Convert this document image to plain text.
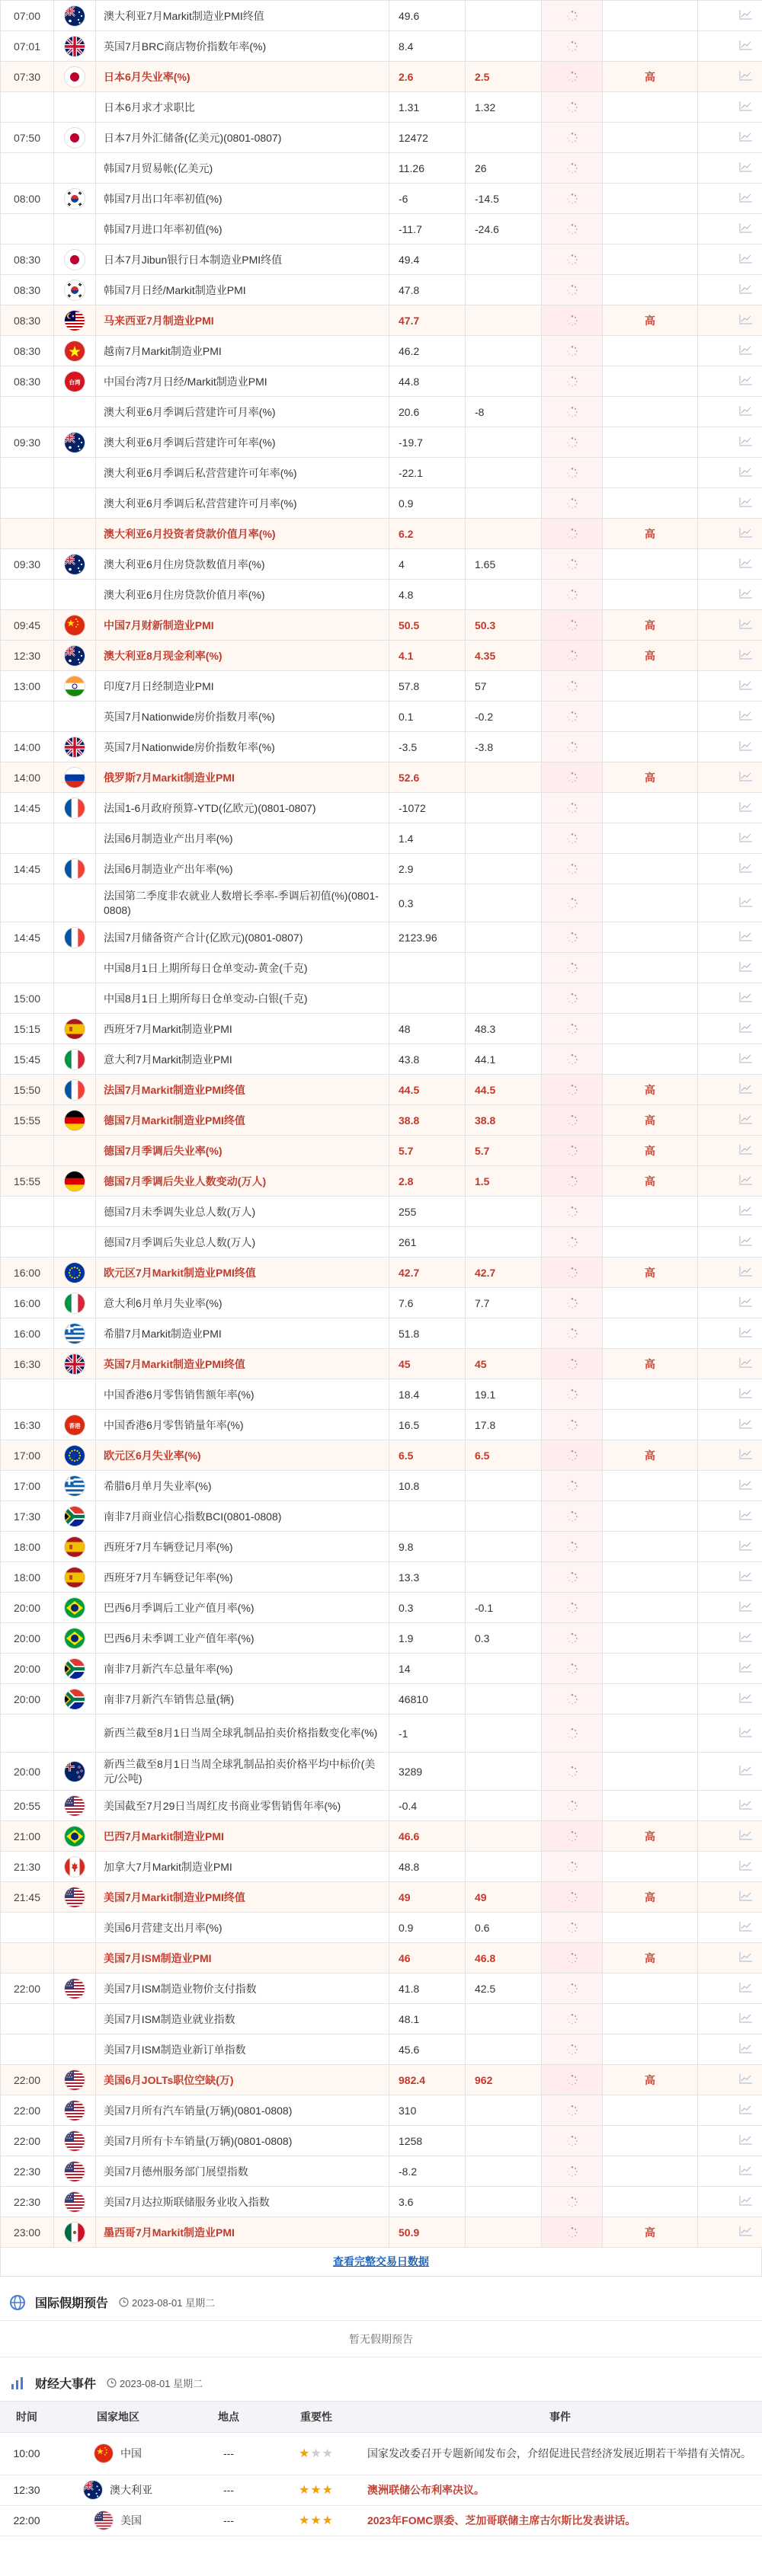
07:00		澳大利亚7月Markit制造业PMI终值	49.6				
07:01		英国7月BRC商店物价指数年率(%)	8.4				
07:30		日本6月失业率(%)	2.6	2.5		高	
		日本6月求才求职比	1.31	1.32			
07:50		日本7月外汇储备(亿美元)(0801-0807)	12472				
		韩国7月贸易帐(亿美元)	11.26	26			
08:00		韩国7月出口年率初值(%)	-6	-14.5			
		韩国7月进口年率初值(%)	-11.7	-24.6			
08:30		日本7月Jibun银行日本制造业PMI终值	49.4				
08:30		韩国7月日经/Markit制造业PMI	47.8				
08:30		马来西亚7月制造业PMI	47.7			高	
08:30		越南7月Markit制造业PMI	46.2				
08:30	台湾	中国台湾7月日经/Markit制造业PMI	44.8				
		澳大利亚6月季调后营建许可月率(%)	20.6	-8			
09:30		澳大利亚6月季调后营建许可年率(%)	-19.7				
		澳大利亚6月季调后私营营建许可年率(%)	-22.1				
		澳大利亚6月季调后私营营建许可月率(%)	0.9				
		澳大利亚6月投资者贷款价值月率(%)	6.2			高	
09:30		澳大利亚6月住房贷款数值月率(%)	4	1.65			
		澳大利亚6月住房贷款价值月率(%)	4.8				
09:45		中国7月财新制造业PMI	50.5	50.3		高	
12:30		澳大利亚8月现金利率(%)	4.1	4.35		高	
13:00		印度7月日经制造业PMI	57.8	57			
		英国7月Nationwide房价指数月率(%)	0.1	-0.2			
14:00		英国7月Nationwide房价指数年率(%)	-3.5	-3.8			
14:00		俄罗斯7月Markit制造业PMI	52.6			高	
14:45		法国1-6月政府预算-YTD(亿欧元)(0801-0807)	-1072				
		法国6月制造业产出月率(%)	1.4				
14:45		法国6月制造业产出年率(%)	2.9				

		法国第二季度非农就业人数增长季率-季调后初值(%)(0801-0808)	0.3				
14:45		法国7月储备资产合计(亿欧元)(0801-0807)	2123.96				
		中国8月1日上期所每日仓单变动-黄金(千克)					
15:00		中国8月1日上期所每日仓单变动-白银(千克)					
15:15		西班牙7月Markit制造业PMI	48	48.3			
15:45		意大利7月Markit制造业PMI	43.8	44.1			
15:50		法国7月Markit制造业PMI终值	44.5	44.5		高	
15:55		德国7月Markit制造业PMI终值	38.8	38.8		高	
		德国7月季调后失业率(%)	5.7	5.7		高	
15:55		德国7月季调后失业人数变动(万人)	2.8	1.5		高	
		德国7月未季调失业总人数(万人)	255				
		德国7月季调后失业总人数(万人)	261				
16:00		欧元区7月Markit制造业PMI终值	42.7	42.7		高	
16:00		意大利6月单月失业率(%)	7.6	7.7			
16:00		希腊7月Markit制造业PMI	51.8				
16:30		英国7月Markit制造业PMI终值	45	45		高	
		中国香港6月零售销售额年率(%)	18.4	19.1			
16:30	香港	中国香港6月零售销量年率(%)	16.5	17.8			
17:00		欧元区6月失业率(%)	6.5	6.5		高	
17:00		希腊6月单月失业率(%)	10.8				
17:30		南非7月商业信心指数BCI(0801-0808)					
18:00		西班牙7月车辆登记月率(%)	9.8				
18:00		西班牙7月车辆登记年率(%)	13.3				
20:00		巴西6月季调后工业产值月率(%)	0.3	-0.1			
20:00		巴西6月未季调工业产值年率(%)	1.9	0.3			
20:00		南非7月新汽车总量年率(%)	14				
20:00		南非7月新汽车销售总量(辆)	46810				

		新西兰截至8月1日当周全球乳制品拍卖价格指数变化率(%)	-1				
20:00		新西兰截至8月1日当周全球乳制品拍卖价格平均中标价(美元/公吨)	3289				
20:55		美国截至7月29日当周红皮书商业零售销售年率(%)	-0.4				
21:00		巴西7月Markit制造业PMI	46.6			高	
21:30		加拿大7月Markit制造业PMI	48.8				
21:45		美国7月Markit制造业PMI终值	49	49		高	
		美国6月营建支出月率(%)	0.9	0.6			
		美国7月ISM制造业PMI	46	46.8		高	
22:00		美国7月ISM制造业物价支付指数	41.8	42.5			
		美国7月ISM制造业就业指数	48.1				
		美国7月ISM制造业新订单指数	45.6				
22:00		美国6月JOLTs职位空缺(万)	982.4	962		高	
22:00		美国7月所有汽车销量(万辆)(0801-0808)	310				
22:00		美国7月所有卡车销量(万辆)(0801-0808)	1258				
22:30		美国7月德州服务部门展望指数	-8.2				
22:30		美国7月达拉斯联储服务业收入指数	3.6				
23:00		墨西哥7月Markit制造业PMI	50.9			高	
查看完整交易日数据
国际假期预告 2023-08-01 星期二
暂无假期预告
财经大事件 2023-08-01 星期二
时间	国家地区	地点	重要性	事件
10:00	中国	---	★★★	国家发改委召开专题新闻发布会，介绍促进民营经济发展近期若干举措有关情况。
12:30	澳大利亚	---	★★★	澳洲联储公布利率决议。
22:00	美国	---	★★★	2023年FOMC票委、芝加哥联储主席古尔斯比发表讲话。
